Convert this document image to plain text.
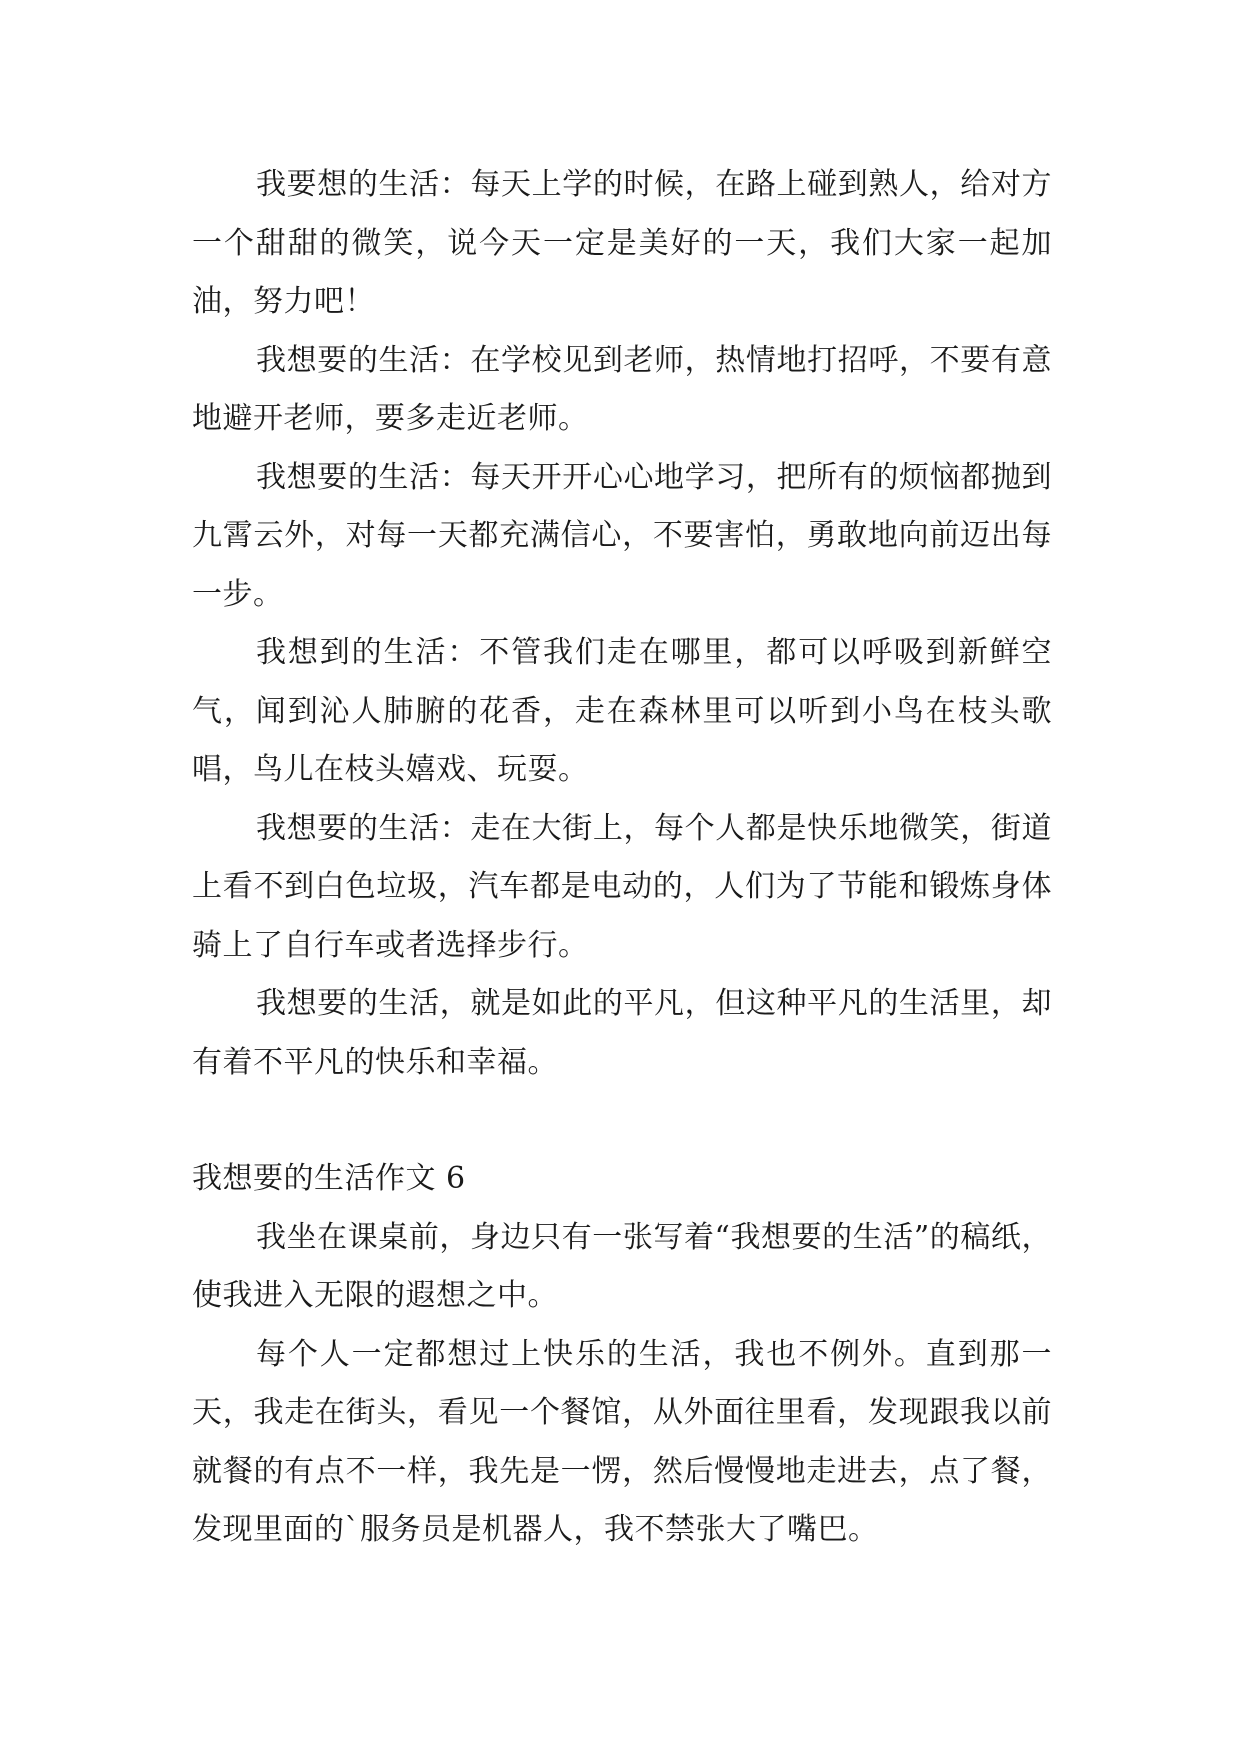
我要想的生活：每天上学的时候，在路上碰到熟人，给对方一个甜甜的微笑，说今天一定是美好的一天，我们大家一起加油，努力吧！

我想要的生活：在学校见到老师，热情地打招呼，不要有意地避开老师，要多走近老师。

我想要的生活：每天开开心心地学习，把所有的烦恼都抛到九霄云外，对每一天都充满信心，不要害怕，勇敢地向前迈出每一步。

我想到的生活：不管我们走在哪里，都可以呼吸到新鲜空气，闻到沁人肺腑的花香，走在森林里可以听到小鸟在枝头歌唱，鸟儿在枝头嬉戏、玩耍。

我想要的生活：走在大街上，每个人都是快乐地微笑，街道上看不到白色垃圾，汽车都是电动的，人们为了节能和锻炼身体骑上了自行车或者选择步行。

我想要的生活，就是如此的平凡，但这种平凡的生活里，却有着不平凡的快乐和幸福。

我想要的生活作文 6

我坐在课桌前，身边只有一张写着“我想要的生活”的稿纸，使我进入无限的遐想之中。

每个人一定都想过上快乐的生活，我也不例外。直到那一天，我走在街头，看见一个餐馆，从外面往里看，发现跟我以前就餐的有点不一样，我先是一愣，然后慢慢地走进去，点了餐，发现里面的`服务员是机器人，我不禁张大了嘴巴。
